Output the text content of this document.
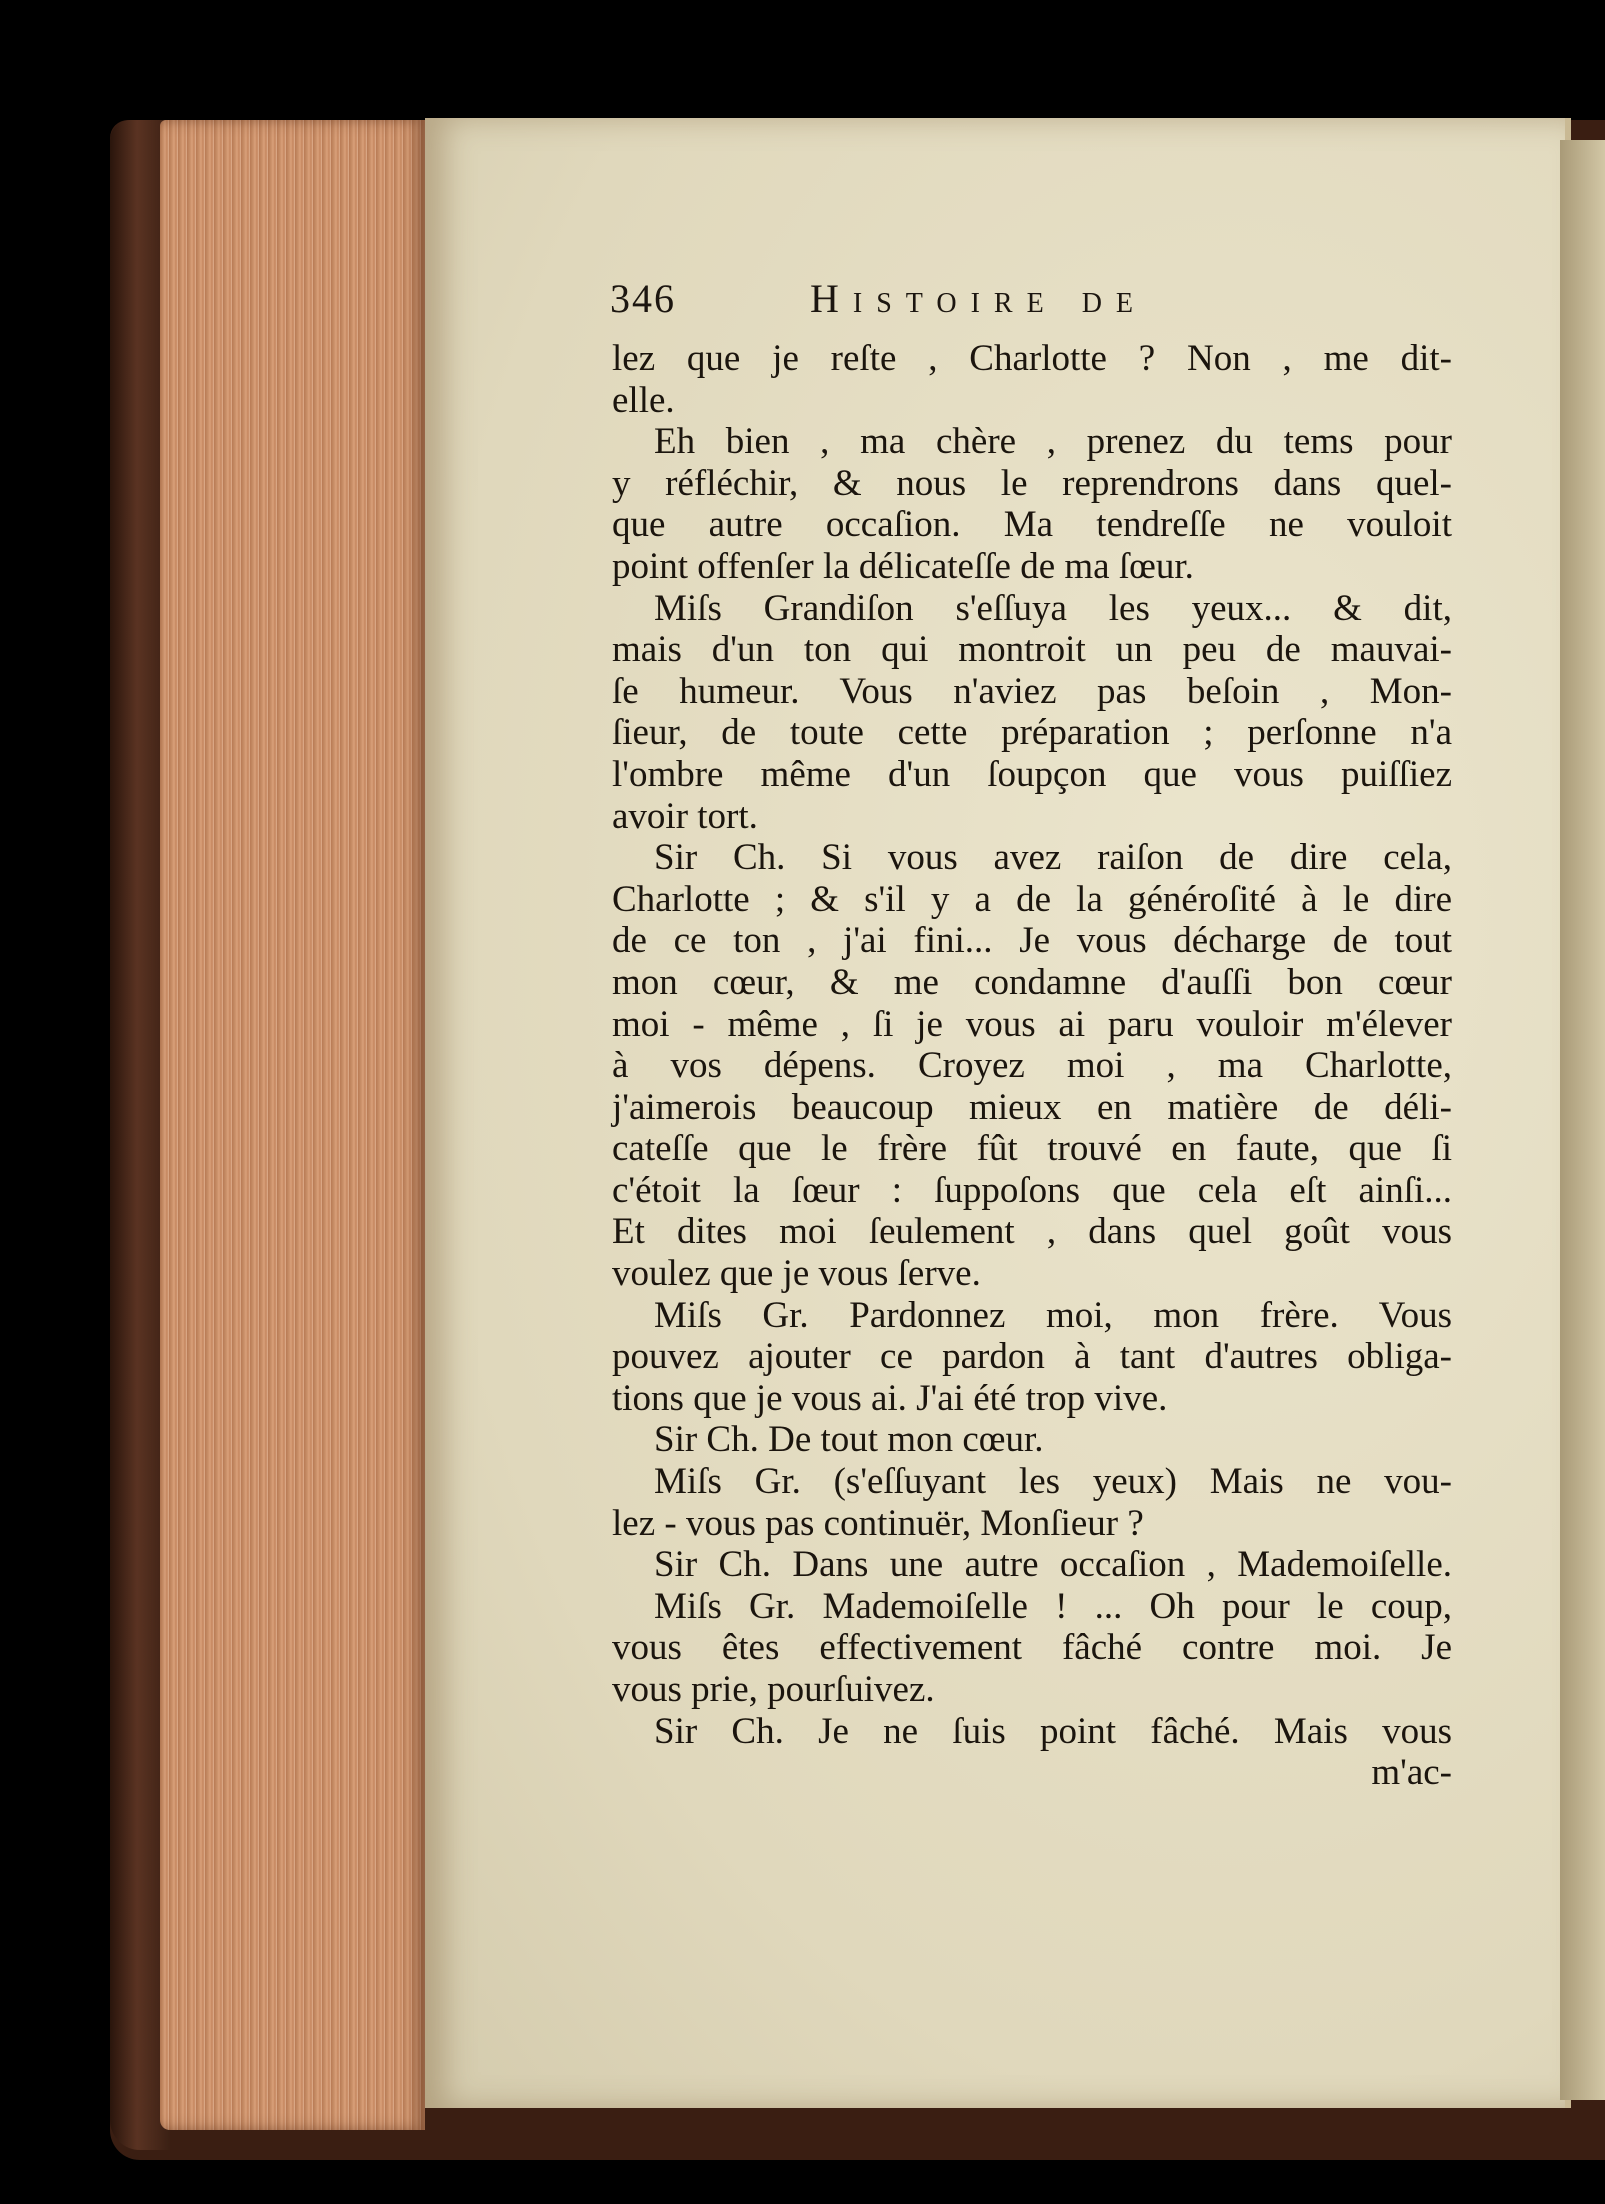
346	Histoire de
lez que je reſte , Charlotte ? Non , me dit-
elle.
Eh bien , ma chère , prenez du tems pour
y réfléchir, & nous le reprendrons dans quel-
que autre occaſion. Ma tendreſſe ne vouloit
point offenſer la délicateſſe de ma ſœur.
Miſs Grandiſon s'eſſuya les yeux... & dit,
mais d'un ton qui montroit un peu de mauvai-
ſe humeur. Vous n'aviez pas beſoin , Mon-
ſieur, de toute cette préparation ; perſonne n'a
l'ombre même d'un ſoupçon que vous puiſſiez
avoir tort.
Sir Ch. Si vous avez raiſon de dire cela,
Charlotte ; & s'il y a de la généroſité à le dire
de ce ton , j'ai fini... Je vous décharge de tout
mon cœur, & me condamne d'auſſi bon cœur
moi - même , ſi je vous ai paru vouloir m'élever
à vos dépens. Croyez moi , ma Charlotte,
j'aimerois beaucoup mieux en matière de déli-
cateſſe que le frère fût trouvé en faute, que ſi
c'étoit la ſœur : ſuppoſons que cela eſt ainſi...
Et dites moi ſeulement , dans quel goût vous
voulez que je vous ſerve.
Miſs Gr. Pardonnez moi, mon frère. Vous
pouvez ajouter ce pardon à tant d'autres obliga-
tions que je vous ai. J'ai été trop vive.
Sir Ch. De tout mon cœur.
Miſs Gr. (s'eſſuyant les yeux) Mais ne vou-
lez - vous pas continuër, Monſieur ?
Sir Ch. Dans une autre occaſion , Mademoiſelle.
Miſs Gr. Mademoiſelle ! ... Oh pour le coup,
vous êtes effectivement fâché contre moi. Je
vous prie, pourſuivez.
Sir Ch. Je ne ſuis point fâché. Mais vous
m'ac-
